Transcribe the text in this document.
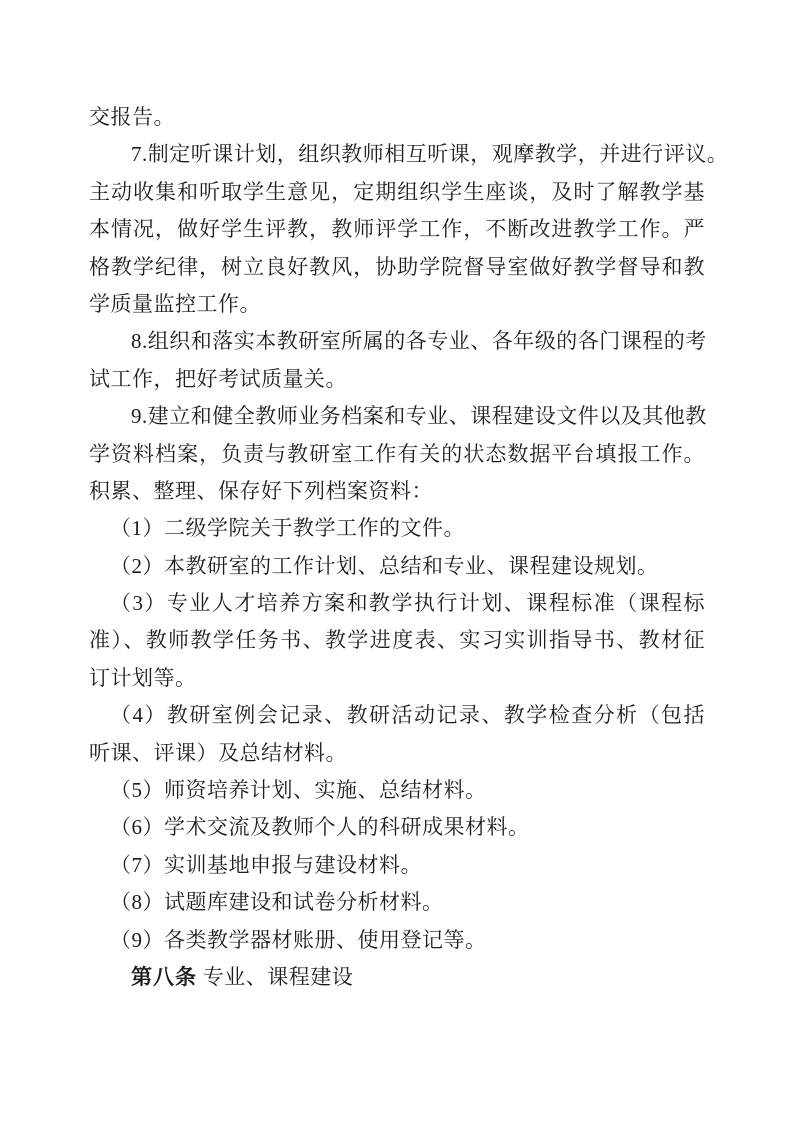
交报告。
7.制定听课计划，组织教师相互听课，观摩教学，并进行评议。
主动收集和听取学生意见，定期组织学生座谈，及时了解教学基
本情况，做好学生评教，教师评学工作，不断改进教学工作。严
格教学纪律，树立良好教风，协助学院督导室做好教学督导和教
学质量监控工作。
8.组织和落实本教研室所属的各专业、各年级的各门课程的考
试工作，把好考试质量关。
9.建立和健全教师业务档案和专业、课程建设文件以及其他教
学资料档案，负责与教研室工作有关的状态数据平台填报工作。
积累、整理、保存好下列档案资料：
（1）二级学院关于教学工作的文件。
（2）本教研室的工作计划、总结和专业、课程建设规划。
（3）专业人才培养方案和教学执行计划、课程标准（课程标
准）、教师教学任务书、教学进度表、实习实训指导书、教材征
订计划等。
（4）教研室例会记录、教研活动记录、教学检查分析（包括
听课、评课）及总结材料。
（5）师资培养计划、实施、总结材料。
（6）学术交流及教师个人的科研成果材料。
（7）实训基地申报与建设材料。
（8）试题库建设和试卷分析材料。
（9）各类教学器材账册、使用登记等。
第八条 专业、课程建设
